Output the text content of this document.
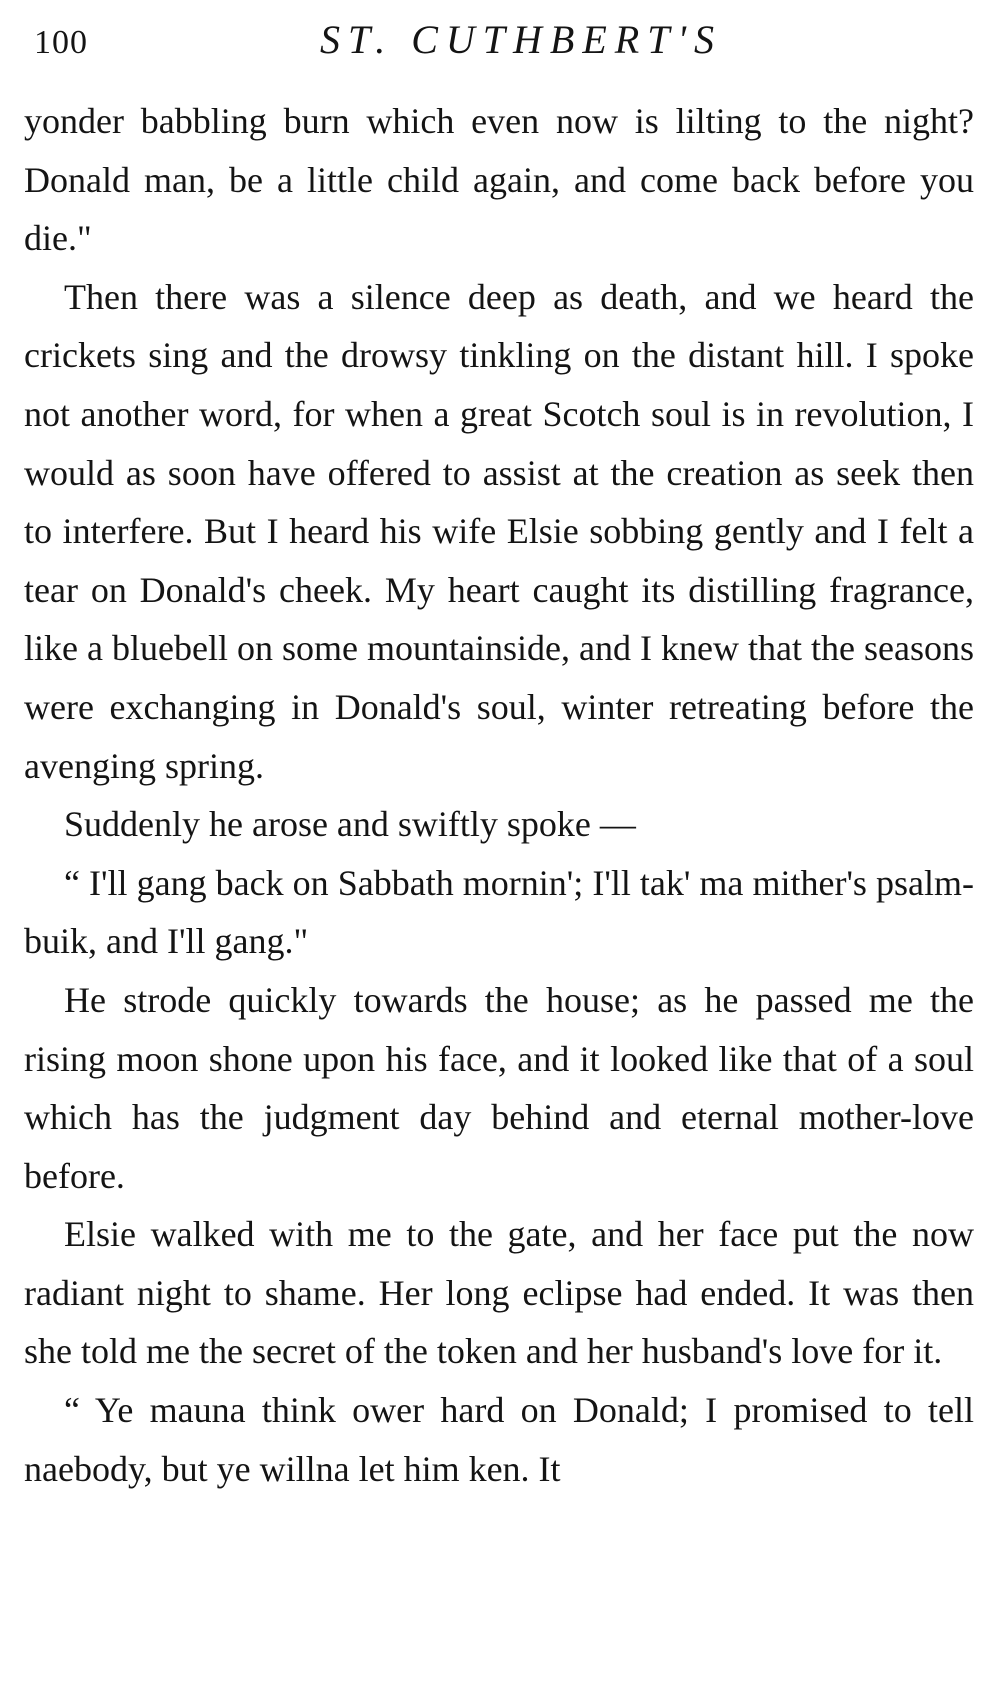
100	ST. CUTHBERT'S

yonder babbling burn which even now is lilting to the night? Donald man, be a little child again, and come back before you die."

Then there was a silence deep as death, and we heard the crickets sing and the drowsy tinkling on the distant hill. I spoke not another word, for when a great Scotch soul is in revolution, I would as soon have offered to assist at the creation as seek then to interfere. But I heard his wife Elsie sobbing gently and I felt a tear on Donald's cheek. My heart caught its distilling fragrance, like a bluebell on some mountainside, and I knew that the seasons were exchanging in Donald's soul, winter retreating before the avenging spring.

Suddenly he arose and swiftly spoke —

“ I'll gang back on Sabbath mornin'; I'll tak' ma mither's psalm-buik, and I'll gang."

He strode quickly towards the house; as he passed me the rising moon shone upon his face, and it looked like that of a soul which has the judgment day behind and eternal mother-love before.

Elsie walked with me to the gate, and her face put the now radiant night to shame. Her long eclipse had ended. It was then she told me the secret of the token and her husband's love for it.

“ Ye mauna think ower hard on Donald; I promised to tell naebody, but ye willna let him ken. It
